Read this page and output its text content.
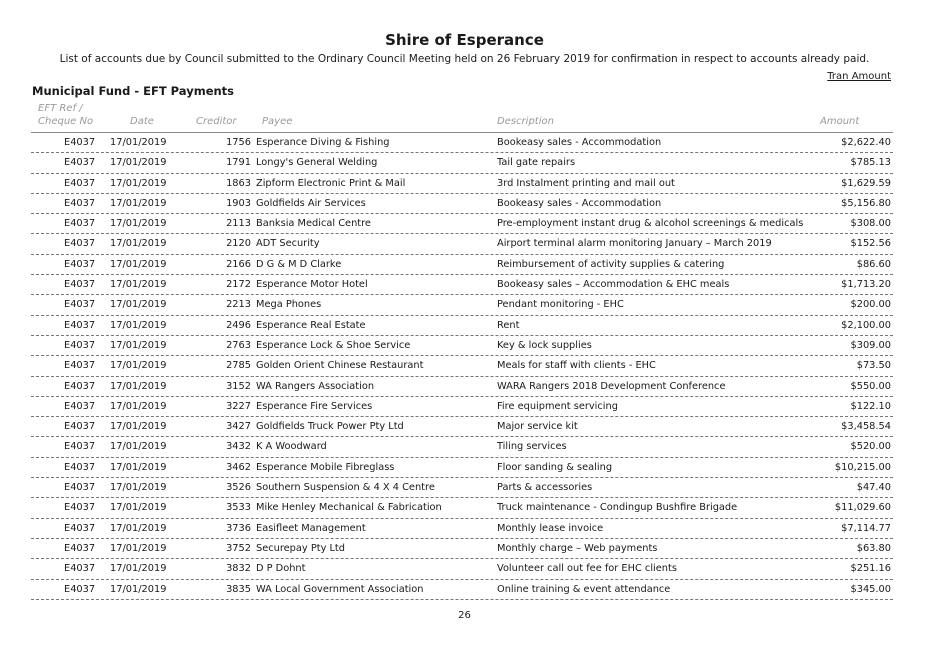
Shire of Esperance
List of accounts due by Council submitted to the Ordinary Council Meeting held on 26 February 2019 for confirmation in respect to accounts already paid.
Tran Amount
Municipal Fund - EFT Payments
EFT Ref / Cheque No	Date	Creditor	Payee	Description	Amount
E4037 17/01/2019	1756 Esperance Diving & Fishing	Bookeasy sales - Accommodation	$2,622.40
E4037 17/01/2019	1791 Longy's General Welding	Tail gate repairs	$785.13
E4037 17/01/2019	1863 Zipform Electronic Print & Mail	3rd Instalment printing and mail out	$1,629.59
E4037 17/01/2019	1903 Goldfields Air Services	Bookeasy sales - Accommodation	$5,156.80
E4037 17/01/2019	2113 Banksia Medical Centre	Pre-employment instant drug & alcohol screenings & medicals	$308.00
E4037 17/01/2019	2120 ADT Security	Airport terminal alarm monitoring January – March 2019	$152.56
E4037 17/01/2019	2166 D G & M D Clarke	Reimbursement of activity supplies & catering	$86.60
E4037 17/01/2019	2172 Esperance Motor Hotel	Bookeasy sales – Accommodation & EHC meals	$1,713.20
E4037 17/01/2019	2213 Mega Phones	Pendant monitoring - EHC	$200.00
E4037 17/01/2019	2496 Esperance Real Estate	Rent	$2,100.00
E4037 17/01/2019	2763 Esperance Lock & Shoe Service	Key & lock supplies	$309.00
E4037 17/01/2019	2785 Golden Orient Chinese Restaurant	Meals for staff with clients - EHC	$73.50
E4037 17/01/2019	3152 WA Rangers Association	WARA Rangers 2018 Development Conference	$550.00
E4037 17/01/2019	3227 Esperance Fire Services	Fire equipment servicing	$122.10
E4037 17/01/2019	3427 Goldfields Truck Power Pty Ltd	Major service kit	$3,458.54
E4037 17/01/2019	3432 K A Woodward	Tiling services	$520.00
E4037 17/01/2019	3462 Esperance Mobile Fibreglass	Floor sanding & sealing	$10,215.00
E4037 17/01/2019	3526 Southern Suspension & 4 X 4 Centre	Parts & accessories	$47.40
E4037 17/01/2019	3533 Mike Henley Mechanical & Fabrication	Truck maintenance - Condingup Bushfire Brigade	$11,029.60
E4037 17/01/2019	3736 Easifleet Management	Monthly lease invoice	$7,114.77
E4037 17/01/2019	3752 Securepay Pty Ltd	Monthly charge – Web payments	$63.80
E4037 17/01/2019	3832 D P Dohnt	Volunteer call out fee for EHC clients	$251.16
E4037 17/01/2019	3835 WA Local Government Association	Online training & event attendance	$345.00
26
